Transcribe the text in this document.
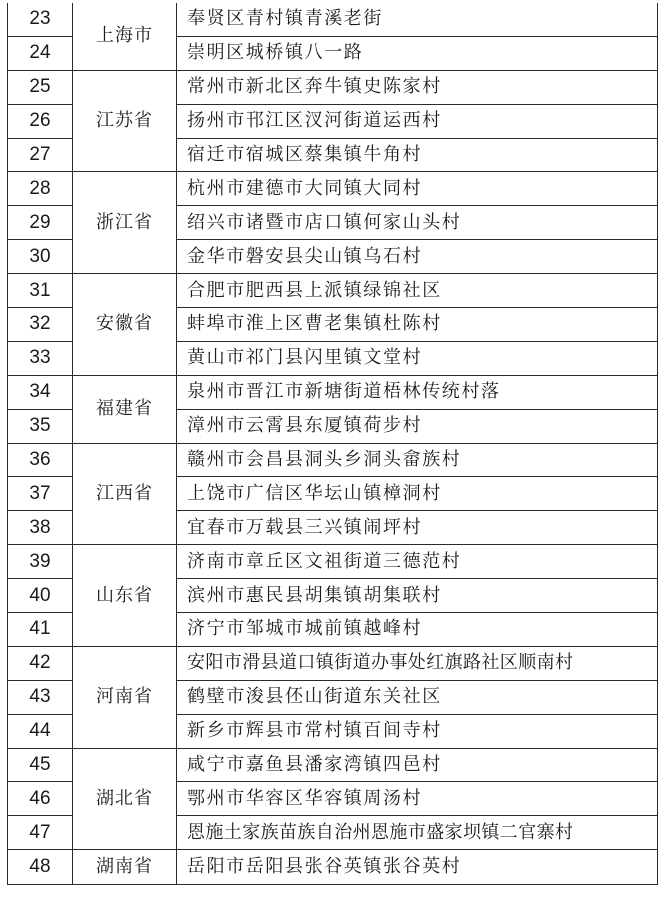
23	上海市	奉贤区青村镇青溪老街
24		崇明区城桥镇八一路
25	江苏省	常州市新北区奔牛镇史陈家村
26		扬州市邗江区汊河街道运西村
27		宿迁市宿城区蔡集镇牛角村
28	浙江省	杭州市建德市大同镇大同村
29		绍兴市诸暨市店口镇何家山头村
30		金华市磐安县尖山镇乌石村
31	安徽省	合肥市肥西县上派镇绿锦社区
32		蚌埠市淮上区曹老集镇杜陈村
33		黄山市祁门县闪里镇文堂村
34	福建省	泉州市晋江市新塘街道梧林传统村落
35		漳州市云霄县东厦镇荷步村
36	江西省	赣州市会昌县洞头乡洞头畲族村
37		上饶市广信区华坛山镇樟洞村
38		宜春市万载县三兴镇闹坪村
39	山东省	济南市章丘区文祖街道三德范村
40		滨州市惠民县胡集镇胡集联村
41		济宁市邹城市城前镇越峰村
42	河南省	安阳市滑县道口镇街道办事处红旗路社区顺南村
43		鹤壁市浚县伾山街道东关社区
44		新乡市辉县市常村镇百间寺村
45	湖北省	咸宁市嘉鱼县潘家湾镇四邑村
46		鄂州市华容区华容镇周汤村
47		恩施土家族苗族自治州恩施市盛家坝镇二官寨村
48	湖南省	岳阳市岳阳县张谷英镇张谷英村
